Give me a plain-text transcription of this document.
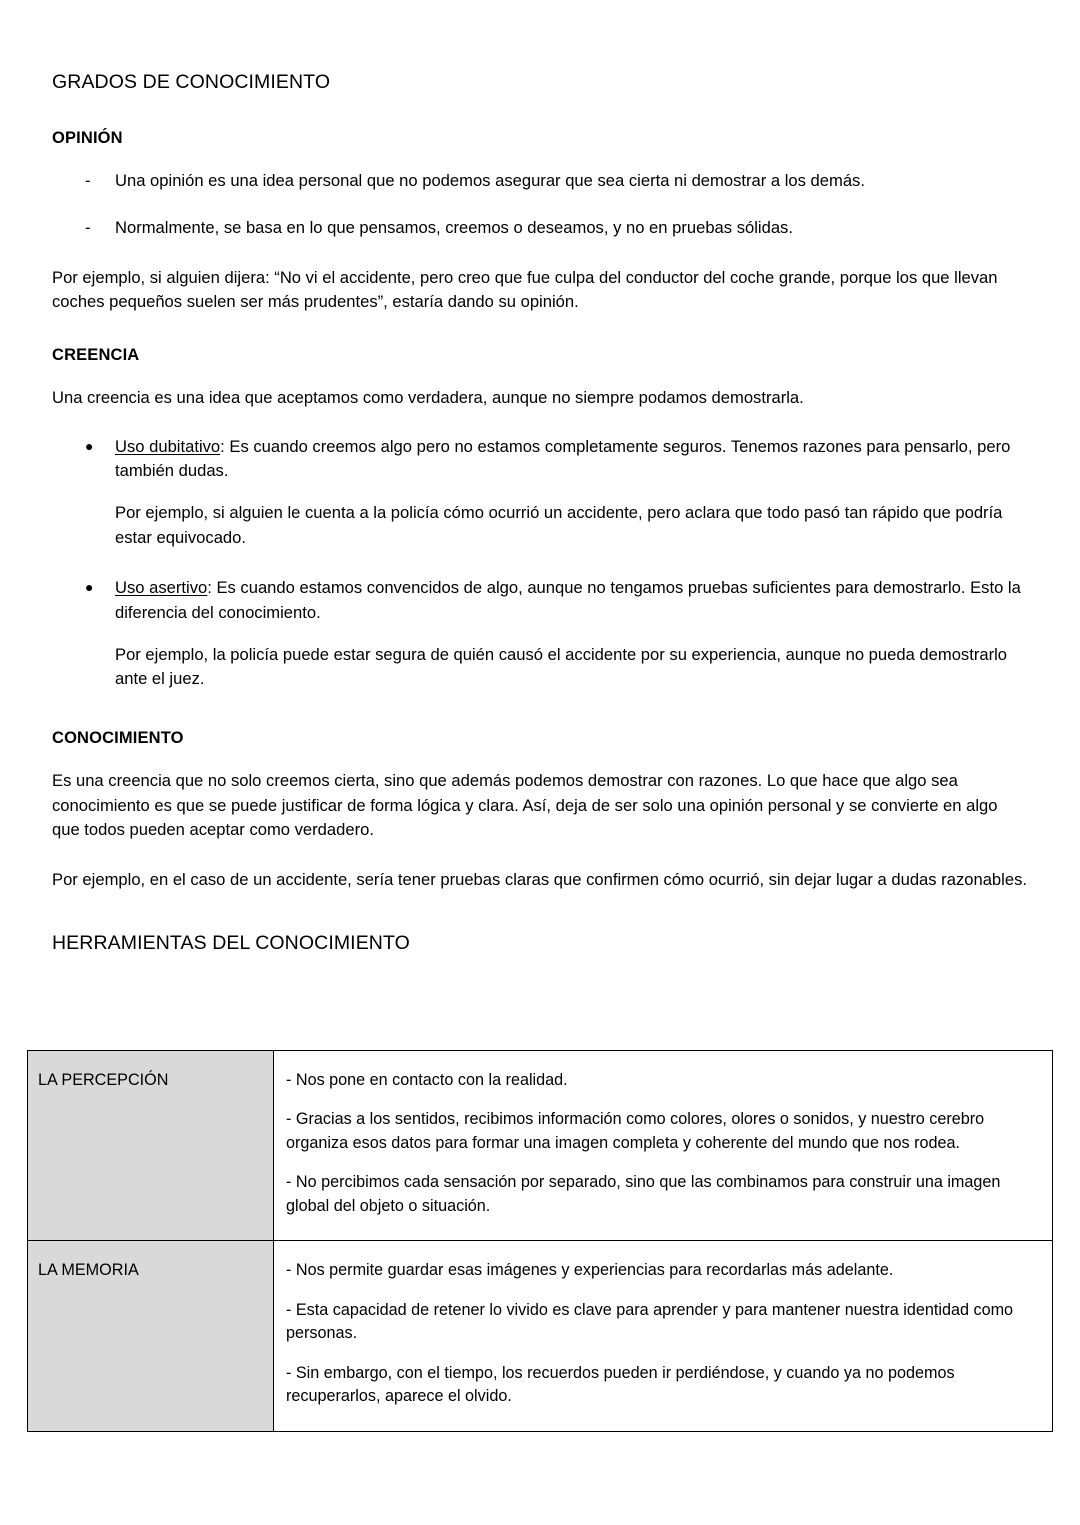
GRADOS DE CONOCIMIENTO
OPINIÓN
-	Una opinión es una idea personal que no podemos asegurar que sea cierta ni demostrar a los demás.
-	Normalmente, se basa en lo que pensamos, creemos o deseamos, y no en pruebas sólidas.

Por ejemplo, si alguien dijera: “No vi el accidente, pero creo que fue culpa del conductor del coche grande, porque los que llevan coches pequeños suelen ser más prudentes”, estaría dando su opinión.

CREENCIA

Una creencia es una idea que aceptamos como verdadera, aunque no siempre podamos demostrarla.

●	Uso dubitativo: Es cuando creemos algo pero no estamos completamente seguros. Tenemos razones para pensarlo, pero también dudas.
Por ejemplo, si alguien le cuenta a la policía cómo ocurrió un accidente, pero aclara que todo pasó tan rápido que podría estar equivocado.
●	Uso asertivo: Es cuando estamos convencidos de algo, aunque no tengamos pruebas suficientes para demostrarlo. Esto la diferencia del conocimiento.
Por ejemplo, la policía puede estar segura de quién causó el accidente por su experiencia, aunque no pueda demostrarlo ante el juez.
CONOCIMIENTO

Es una creencia que no solo creemos cierta, sino que además podemos demostrar con razones. Lo que hace que algo sea conocimiento es que se puede justificar de forma lógica y clara. Así, deja de ser solo una opinión personal y se convierte en algo que todos pueden aceptar como verdadero.

Por ejemplo, en el caso de un accidente, sería tener pruebas claras que confirmen cómo ocurrió, sin dejar lugar a dudas razonables.

HERRAMIENTAS DEL CONOCIMIENTO
LA PERCEPCIÓN	- Nos pone en contacto con la realidad.

- Gracias a los sentidos, recibimos información como colores, olores o sonidos, y nuestro cerebro organiza esos datos para formar una imagen completa y coherente del mundo que nos rodea.

- No percibimos cada sensación por separado, sino que las combinamos para construir una imagen global del objeto o situación.

LA MEMORIA	- Nos permite guardar esas imágenes y experiencias para recordarlas más adelante.

- Esta capacidad de retener lo vivido es clave para aprender y para mantener nuestra identidad como personas.

- Sin embargo, con el tiempo, los recuerdos pueden ir perdiéndose, y cuando ya no podemos recuperarlos, aparece el olvido.
